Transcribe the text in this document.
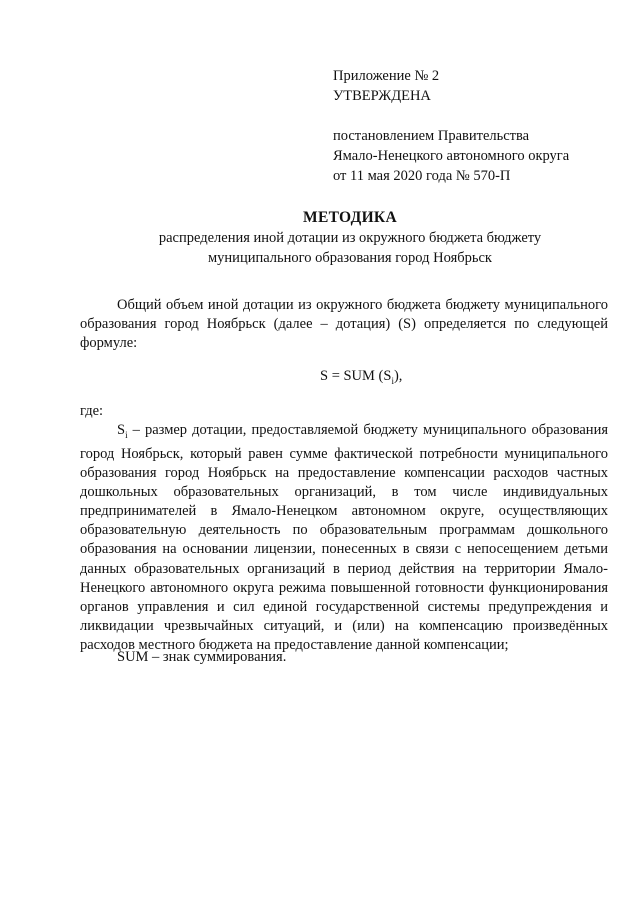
Приложение № 2
УТВЕРЖДЕНА
постановлением Правительства
Ямало-Ненецкого автономного округа
от 11 мая 2020 года № 570-П
МЕТОДИКА
распределения иной дотации из окружного бюджета бюджету
муниципального образования город Ноябрьск

Общий объем иной дотации из окружного бюджета бюджету муниципального образования город Ноябрьск (далее – дотация) (S) определяется по следующей формуле:

S = SUM $(S_i)$,
где:

$S_i$ – размер дотации, предоставляемой бюджету муниципального образования город Ноябрьск, который равен сумме фактической потребности муниципального образования город Ноябрьск на предоставление компенсации расходов частных дошкольных образовательных организаций, в том числе индивидуальных предпринимателей в Ямало-Ненецком автономном округе, осуществляющих образовательную деятельность по образовательным программам дошкольного образования на основании лицензии, понесенных в связи с непосещением детьми данных образовательных организаций в период действия на территории Ямало-Ненецкого автономного округа режима повышенной готовности функционирования органов управления и сил единой государственной системы предупреждения и ликвидации чрезвычайных ситуаций, и (или) на компенсацию произведённых расходов местного бюджета на предоставление данной компенсации;

SUM – знак суммирования.
